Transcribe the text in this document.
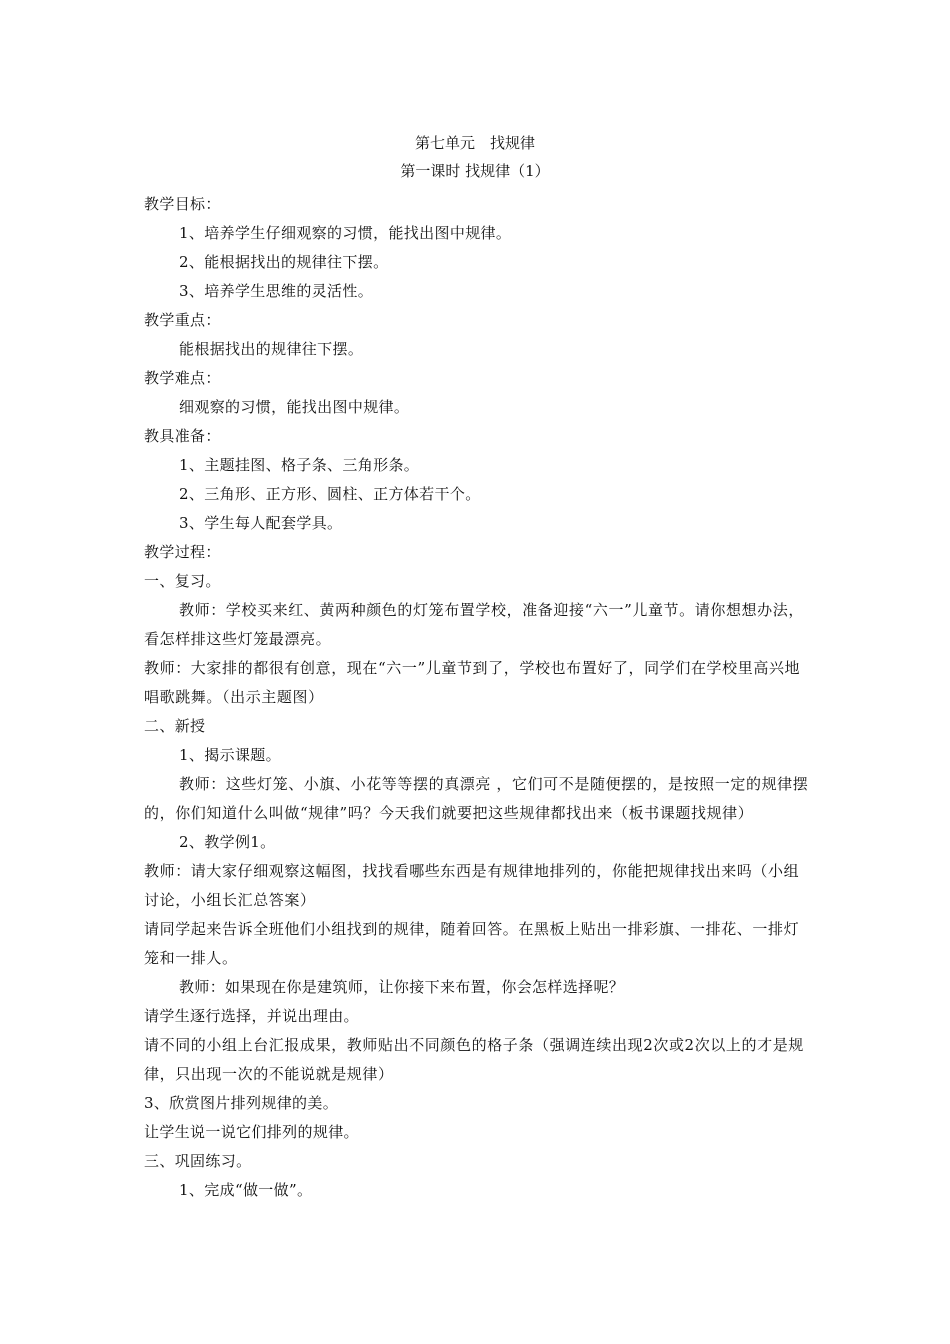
第七单元　找规律
第一课时 找规律（1）

教学目标：

1、培养学生仔细观察的习惯，能找出图中规律。

2、能根据找出的规律往下摆。

3、培养学生思维的灵活性。

教学重点：

能根据找出的规律往下摆。

教学难点：

细观察的习惯，能找出图中规律。

教具准备：

1、主题挂图、格子条、三角形条。

2、三角形、正方形、圆柱、正方体若干个。

3、学生每人配套学具。

教学过程：

一、复习。

教师：学校买来红、黄两种颜色的灯笼布置学校，准备迎接“六一”儿童节。请你想想办法，看怎样排这些灯笼最漂亮。

教师：大家排的都很有创意，现在“六一”儿童节到了，学校也布置好了，同学们在学校里高兴地唱歌跳舞。（出示主题图）

二、新授

1、揭示课题。

教师：这些灯笼、小旗、小花等等摆的真漂亮 ，它们可不是随便摆的，是按照一定的规律摆的，你们知道什么叫做“规律”吗？今天我们就要把这些规律都找出来（板书课题找规律）

2、教学例1。

教师：请大家仔细观察这幅图，找找看哪些东西是有规律地排列的，你能把规律找出来吗（小组讨论，小组长汇总答案）

请同学起来告诉全班他们小组找到的规律，随着回答。在黑板上贴出一排彩旗、一排花、一排灯笼和一排人。

教师：如果现在你是建筑师，让你接下来布置，你会怎样选择呢？

请学生逐行选择，并说出理由。

请不同的小组上台汇报成果，教师贴出不同颜色的格子条（强调连续出现2次或2次以上的才是规律，只出现一次的不能说就是规律）

3、欣赏图片排列规律的美。

让学生说一说它们排列的规律。

三、巩固练习。

1、完成“做一做”。
